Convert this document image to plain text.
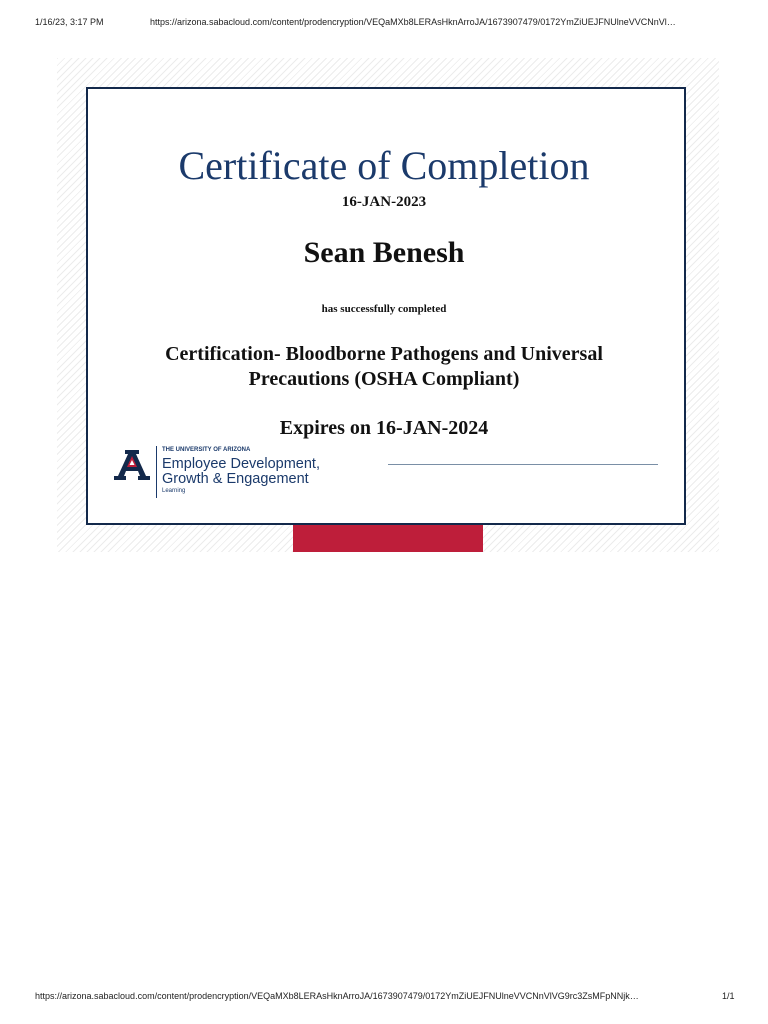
1/16/23, 3:17 PM	https://arizona.sabacloud.com/content/prodencryption/VEQaMXb8LERAsHknArroJA/1673907479/0172YmZiUEJFNUlneVVCNnVl…
Certificate of Completion
16-JAN-2023
Sean Benesh
has successfully completed
Certification- Bloodborne Pathogens and Universal
Precautions (OSHA Compliant)
Expires on 16-JAN-2024
THE UNIVERSITY OF ARIZONA
Employee Development,
Growth & Engagement
Learning
https://arizona.sabacloud.com/content/prodencryption/VEQaMXb8LERAsHknArroJA/1673907479/0172YmZiUEJFNUlneVVCNnVlVG9rc3ZsMFpNNjk…	1/1
